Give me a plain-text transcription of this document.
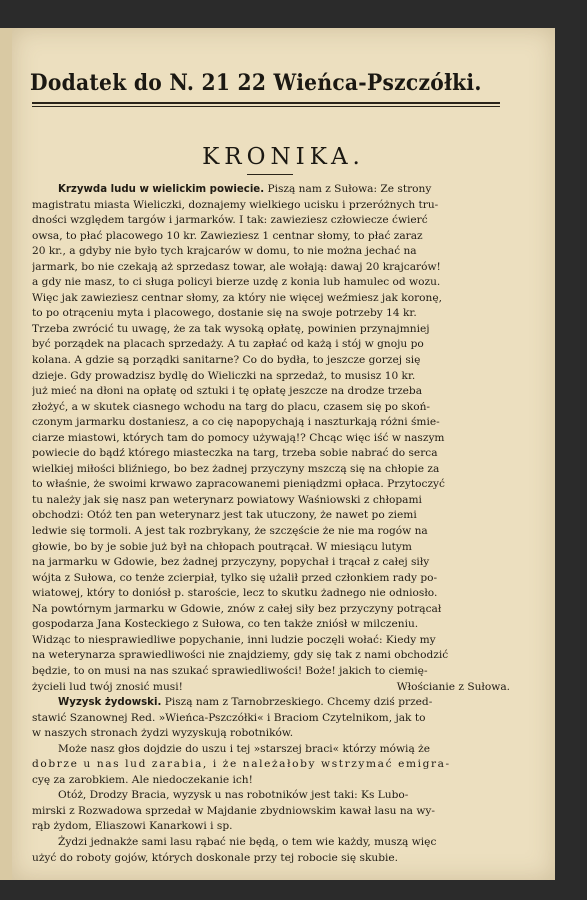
Dodatek do N. 21 22 Wieńca-Pszczółki.
KRONIKA.
Krzywda ludu w wielickim powiecie. Piszą nam z Sułowa: Ze strony
magistratu miasta Wieliczki, doznajemy wielkiego ucisku i przeróżnych tru-
dności względem targów i jarmarków. I tak: zawieziesz człowiecze ćwierć
owsa, to płać placowego 10 kr. Zawieziesz 1 centnar słomy, to płać zaraz
20 kr., a gdyby nie było tych krajcarów w domu, to nie można jechać na
jarmark, bo nie czekają aż sprzedasz towar, ale wołają: dawaj 20 krajcarów!
a gdy nie masz, to ci sługa policyi bierze uzdę z konia lub hamulec od wozu.
Więc jak zawieziesz centnar słomy, za który nie więcej weźmiesz jak koronę,
to po otrąceniu myta i placowego, dostanie się na swoje potrzeby 14 kr.
Trzeba zwrócić tu uwagę, że za tak wysoką opłatę, powinien przynajmniej
być porządek na placach sprzedaży. A tu zapłać od każą i stój w gnoju po
kolana. A gdzie są porządki sanitarne? Co do bydła, to jeszcze gorzej się
dzieje. Gdy prowadzisz bydlę do Wieliczki na sprzedaż, to musisz 10 kr.
już mieć na dłoni na opłatę od sztuki i tę opłatę jeszcze na drodze trzeba
złożyć, a w skutek ciasnego wchodu na targ do placu, czasem się po skoń-
czonym jarmarku dostaniesz, a co cię napopychają i naszturkają różni śmie-
ciarze miastowi, których tam do pomocy używają!? Chcąc więc iść w naszym
powiecie do bądź którego miasteczka na targ, trzeba sobie nabrać do serca
wielkiej miłości bliźniego, bo bez żadnej przyczyny mszczą się na chłopie za
to właśnie, że swoimi krwawo zapracowanemi pieniądzmi opłaca. Przytoczyć
tu należy jak się nasz pan weterynarz powiatowy Waśniowski z chłopami
obchodzi: Otóż ten pan weterynarz jest tak utuczony, że nawet po ziemi
ledwie się tormoli. A jest tak rozbrykany, że szczęście że nie ma rogów na
głowie, bo by je sobie już był na chłopach poutrącał. W miesiącu lutym
na jarmarku w Gdowie, bez żadnej przyczyny, popychał i trącał z całej siły
wójta z Sułowa, co tenże zcierpiał, tylko się użalił przed członkiem rady po-
wiatowej, który to doniósł p. staroście, lecz to skutku żadnego nie odniosło.
Na powtórnym jarmarku w Gdowie, znów z całej siły bez przyczyny potrącał
gospodarza Jana Kosteckiego z Sułowa, co ten także zniósł w milczeniu.
Widząc to niesprawiedliwe popychanie, inni ludzie poczęli wołać: Kiedy my
na weterynarza sprawiedliwości nie znajdziemy, gdy się tak z nami obchodzić
będzie, to on musi na nas szukać sprawiedliwości! Boże! jakich to ciemię-
życieli lud twój znosić musi!	Włościanie z Sułowa.
Wyzysk żydowski. Piszą nam z Tarnobrzeskiego. Chcemy dziś przed-
stawić Szanownej Red. »Wieńca-Pszczółki« i Braciom Czytelnikom, jak to
w naszych stronach żydzi wyzyskują robotników.
Może nasz głos dojdzie do uszu i tej »starszej braci« którzy mówią że
dobrze u nas lud zarabia, i że należałoby wstrzymać emigra-
cyę za zarobkiem. Ale niedoczekanie ich!
Otóż, Drodzy Bracia, wyzysk u nas robotników jest taki: Ks Lubo-
mirski z Rozwadowa sprzedał w Majdanie zbydniowskim kawał lasu na wy-
rąb żydom, Eliaszowi Kanarkowi i sp.
Żydzi jednakże sami lasu rąbać nie będą, o tem wie każdy, muszą więc
użyć do roboty gojów, których doskonale przy tej robocie się skubie.
